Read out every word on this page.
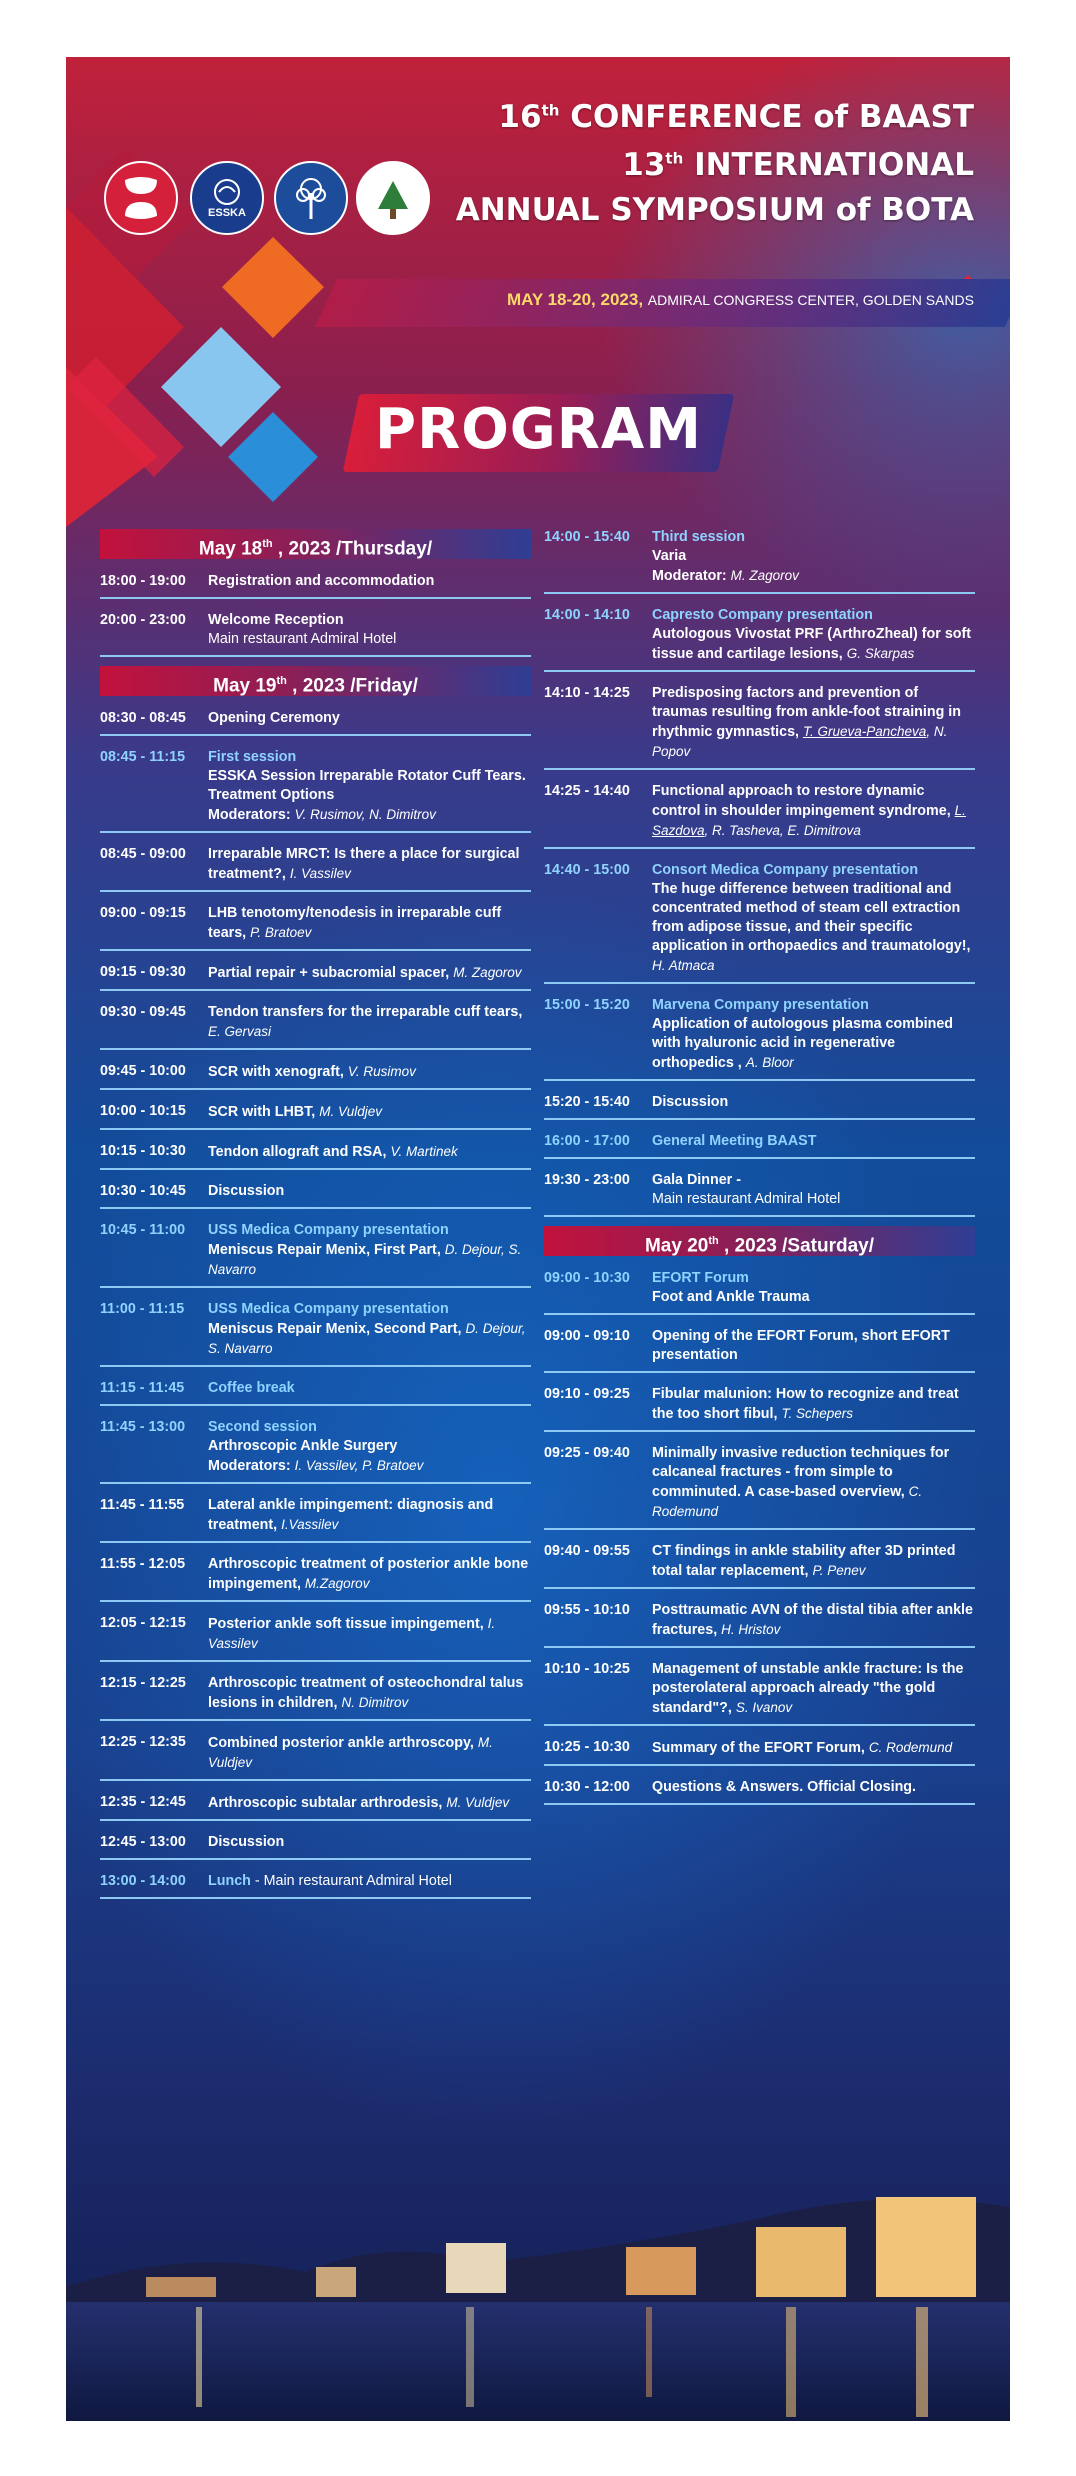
ESSKA
16th CONFERENCE of BAAST
13th INTERNATIONAL
ANNUAL SYMPOSIUM of BOTA
MAY 18-20, 2023, ADMIRAL CONGRESS CENTER, GOLDEN SANDS
PROGRAM
May 18th , 2023 /Thursday/
18:00 - 19:00	Registration and accommodation
20:00 - 23:00	Welcome Reception
Main restaurant Admiral Hotel
May 19th , 2023 /Friday/
08:30 - 08:45	Opening Ceremony
08:45 - 11:15	First session
ESSKA Session Irreparable Rotator Cuff Tears. Treatment Options
Moderators: V. Rusimov, N. Dimitrov
08:45 - 09:00	Irreparable MRCT: Is there a place for surgical treatment?, I. Vassilev
09:00 - 09:15	LHB tenotomy/tenodesis in irreparable cuff tears, P. Bratoev
09:15 - 09:30	Partial repair + subacromial spacer, M. Zagorov
09:30 - 09:45	Tendon transfers for the irreparable cuff tears, E. Gervasi
09:45 - 10:00	SCR with xenograft, V. Rusimov
10:00 - 10:15	SCR with LHBT, M. Vuldjev
10:15 - 10:30	Tendon allograft and RSA, V. Martinek
10:30 - 10:45	Discussion
10:45 - 11:00	USS Medica Company presentation
Meniscus Repair Menix, First Part, D. Dejour, S. Navarro
11:00 - 11:15	USS Medica Company presentation
Meniscus Repair Menix, Second Part, D. Dejour, S. Navarro
11:15 - 11:45	Coffee break
11:45 - 13:00	Second session
Arthroscopic Ankle Surgery
Moderators: I. Vassilev, P. Bratoev
11:45 - 11:55	Lateral ankle impingement: diagnosis and treatment, I.Vassilev
11:55 - 12:05	Arthroscopic treatment of posterior ankle bone impingement, M.Zagorov
12:05 - 12:15	Posterior ankle soft tissue impingement, I. Vassilev
12:15 - 12:25	Arthroscopic treatment of osteochondral talus lesions in children, N. Dimitrov
12:25 - 12:35	Combined posterior ankle arthroscopy, M. Vuldjev
12:35 - 12:45	Arthroscopic subtalar arthrodesis, M. Vuldjev
12:45 - 13:00	Discussion
13:00 - 14:00	Lunch - Main restaurant Admiral Hotel
14:00 - 15:40	Third session
Varia
Moderator: M. Zagorov
14:00 - 14:10	Capresto Company presentation
Autologous Vivostat PRF (ArthroZheal) for soft tissue and cartilage lesions, G. Skarpas
14:10 - 14:25	Predisposing factors and prevention of traumas resulting from ankle-foot straining in rhythmic gymnastics, T. Grueva-Pancheva, N. Popov
14:25 - 14:40	Functional approach to restore dynamic control in shoulder impingement syndrome, L. Sazdova, R. Tasheva, E. Dimitrova
14:40 - 15:00	Consort Medica Company presentation
The huge difference between traditional and concentrated method of steam cell extraction from adipose tissue, and their specific application in orthopaedics and traumatology!, H. Atmaca
15:00 - 15:20	Marvena Company presentation
Application of autologous plasma combined with hyaluronic acid in regenerative orthopedics , A. Bloor
15:20 - 15:40	Discussion
16:00 - 17:00	General Meeting BAAST
19:30 - 23:00	Gala Dinner -
Main restaurant Admiral Hotel
May 20th , 2023 /Saturday/
09:00 - 10:30	EFORT Forum
Foot and Ankle Trauma
09:00 - 09:10	Opening of the EFORT Forum, short EFORT presentation
09:10 - 09:25	Fibular malunion: How to recognize and treat the too short fibul, T. Schepers
09:25 - 09:40	Minimally invasive reduction techniques for calcaneal fractures - from simple to comminuted. A case-based overview, C. Rodemund
09:40 - 09:55	CT findings in ankle stability after 3D printed total talar replacement, P. Penev
09:55 - 10:10	Posttraumatic AVN of the distal tibia after ankle fractures, H. Hristov
10:10 - 10:25	Management of unstable ankle fracture: Is the posterolateral approach already "the gold standard"?, S. Ivanov
10:25 - 10:30	Summary of the EFORT Forum, C. Rodemund
10:30 - 12:00	Questions & Answers. Official Closing.
